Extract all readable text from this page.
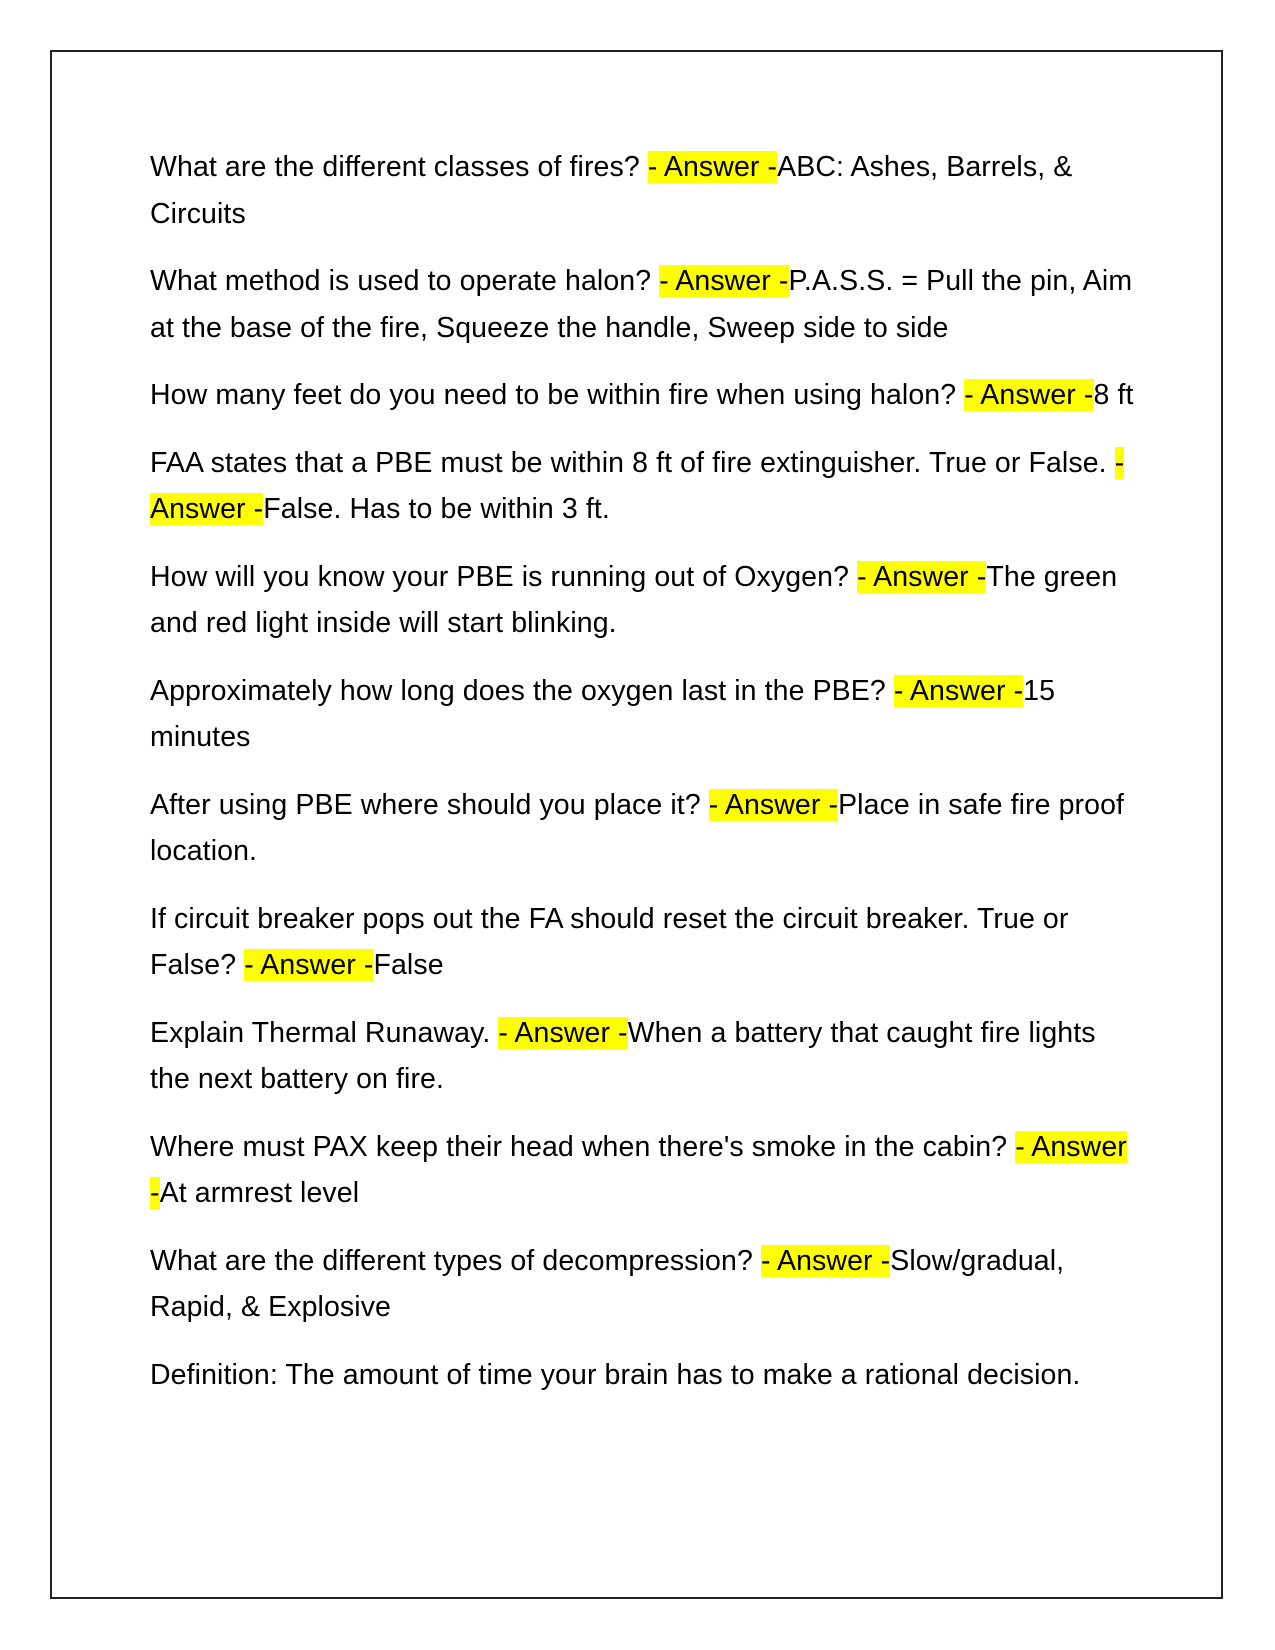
What are the different classes of fires? - Answer -ABC: Ashes, Barrels, & Circuits
What method is used to operate halon? - Answer -P.A.S.S. = Pull the pin, Aim at the base of the fire, Squeeze the handle, Sweep side to side
How many feet do you need to be within fire when using halon? - Answer -8 ft
FAA states that a PBE must be within 8 ft of fire extinguisher. True or False. - Answer -False. Has to be within 3 ft.
How will you know your PBE is running out of Oxygen? - Answer -The green and red light inside will start blinking.
Approximately how long does the oxygen last in the PBE? - Answer -15 minutes
After using PBE where should you place it? - Answer -Place in safe fire proof location.
If circuit breaker pops out the FA should reset the circuit breaker. True or False? - Answer -False
Explain Thermal Runaway. - Answer -When a battery that caught fire lights the next battery on fire.
Where must PAX keep their head when there's smoke in the cabin? - Answer -At armrest level
What are the different types of decompression? - Answer -Slow/gradual, Rapid, & Explosive
Definition: The amount of time your brain has to make a rational decision.
